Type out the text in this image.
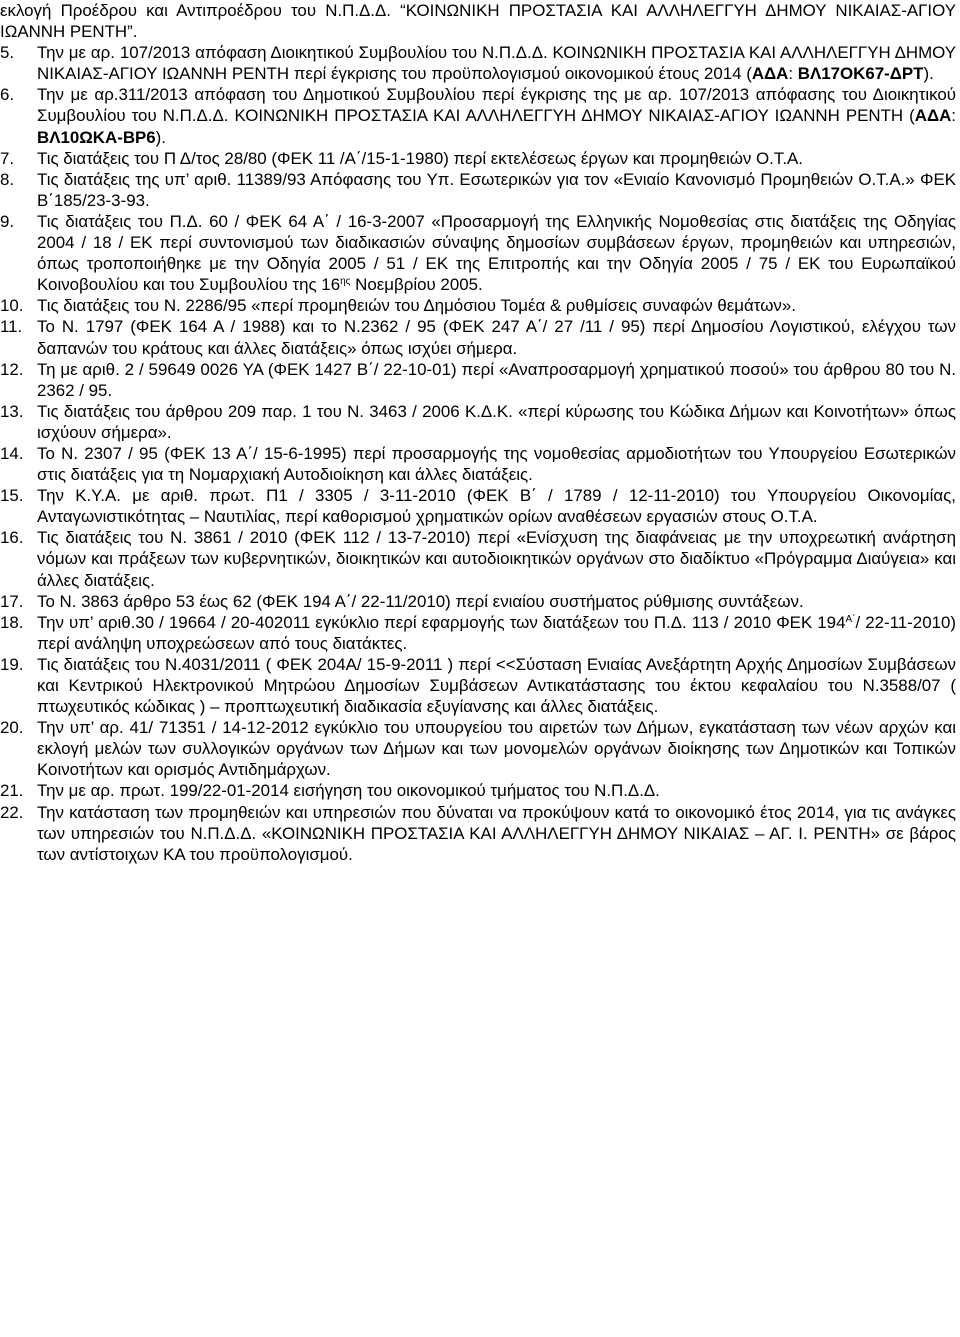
εκλογή Προέδρου και Αντιπροέδρου του Ν.Π.Δ.Δ. “ΚΟΙΝΩΝΙΚΗ ΠΡΟΣΤΑΣΙΑ ΚΑΙ ΑΛΛΗΛΕΓΓΥΗ ΔΗΜΟΥ ΝΙΚΑΙΑΣ-ΑΓΙΟΥ ΙΩΑΝΝΗ ΡΕΝΤΗ”.
5. Την με αρ. 107/2013 απόφαση Διοικητικού Συμβουλίου του Ν.Π.Δ.Δ. ΚΟΙΝΩΝΙΚΗ ΠΡΟΣΤΑΣΙΑ ΚΑΙ ΑΛΛΗΛΕΓΓΥΗ ΔΗΜΟΥ ΝΙΚΑΙΑΣ-ΑΓΙΟΥ ΙΩΑΝΝΗ ΡΕΝΤΗ περί έγκρισης του προϋπολογισμού οικονομικού έτους 2014 (ΑΔΑ: ΒΛ17ΟΚ67-ΔΡΤ).
6. Την με αρ.311/2013 απόφαση του Δημοτικού Συμβουλίου περί έγκρισης της με αρ. 107/2013 απόφασης του Διοικητικού Συμβουλίου του Ν.Π.Δ.Δ. ΚΟΙΝΩΝΙΚΗ ΠΡΟΣΤΑΣΙΑ ΚΑΙ ΑΛΛΗΛΕΓΓΥΗ ΔΗΜΟΥ ΝΙΚΑΙΑΣ-ΑΓΙΟΥ ΙΩΑΝΝΗ ΡΕΝΤΗ (ΑΔΑ: ΒΛ10ΩΚΑ-ΒΡ6).
7. Τις διατάξεις του Π Δ/τος 28/80 (ΦΕΚ 11 /Α΄/15-1-1980) περί εκτελέσεως έργων και προμηθειών Ο.Τ.Α.
8. Τις διατάξεις της υπ’ αριθ. 11389/93 Απόφασης του Υπ. Εσωτερικών για τον «Ενιαίο Κανονισμό Προμηθειών Ο.Τ.Α.» ΦΕΚ Β΄185/23-3-93.
9. Τις διατάξεις του Π.Δ. 60 / ΦΕΚ 64 Α΄ / 16-3-2007 «Προσαρμογή της Ελληνικής Νομοθεσίας στις διατάξεις της Οδηγίας 2004 / 18 / ΕΚ περί συντονισμού των διαδικασιών σύναψης δημοσίων συμβάσεων έργων, προμηθειών και υπηρεσιών, όπως τροποποιήθηκε με την Οδηγία 2005 / 51 / ΕΚ της Επιτροπής και την Οδηγία 2005 / 75 / ΕΚ του Ευρωπαϊκού Κοινοβουλίου και του Συμβουλίου της $16^{\eta\varsigma}$ Νοεμβρίου 2005.
10. Τις διατάξεις του Ν. 2286/95 «περί προμηθειών του Δημόσιου Τομέα & ρυθμίσεις συναφών θεμάτων».
11. Το Ν. 1797 (ΦΕΚ 164 Α / 1988) και το Ν.2362 / 95 (ΦΕΚ 247 Α΄/ 27 /11 / 95) περί Δημοσίου Λογιστικού, ελέγχου των δαπανών του κράτους και άλλες διατάξεις» όπως ισχύει σήμερα.
12. Τη με αριθ. 2 / 59649 0026 ΥΑ (ΦΕΚ 1427 Β΄/ 22-10-01) περί «Αναπροσαρμογή χρηματικού ποσού» του άρθρου 80 του Ν. 2362 / 95.
13. Τις διατάξεις του άρθρου 209 παρ. 1 του Ν. 3463 / 2006 Κ.Δ.Κ. «περί κύρωσης του Κώδικα Δήμων και Κοινοτήτων» όπως ισχύουν σήμερα».
14. Το Ν. 2307 / 95 (ΦΕΚ 13 Α΄/ 15-6-1995) περί προσαρμογής της νομοθεσίας αρμοδιοτήτων του Υπουργείου Εσωτερικών στις διατάξεις για τη Νομαρχιακή Αυτοδιοίκηση και άλλες διατάξεις.
15. Την Κ.Υ.Α. με αριθ. πρωτ. Π1 / 3305 / 3-11-2010 (ΦΕΚ Β΄ / 1789 / 12-11-2010) του Υπουργείου Οικονομίας, Ανταγωνιστικότητας – Ναυτιλίας, περί καθορισμού χρηματικών ορίων αναθέσεων εργασιών στους Ο.Τ.Α.
16. Τις διατάξεις του Ν. 3861 / 2010 (ΦΕΚ 112 / 13-7-2010) περί «Ενίσχυση της διαφάνειας με την υποχρεωτική ανάρτηση νόμων και πράξεων των κυβερνητικών, διοικητικών και αυτοδιοικητικών οργάνων στο διαδίκτυο «Πρόγραμμα Διαύγεια» και άλλες διατάξεις.
17. Το Ν. 3863 άρθρο 53 έως 62 (ΦΕΚ 194 Α΄/ 22-11/2010) περί ενιαίου συστήματος ρύθμισης συντάξεων.
18. Την υπ’ αριθ.30 / 19664 / 20-402011 εγκύκλιο περί εφαρμογής των διατάξεων του Π.Δ. 113 / 2010 ΦΕΚ $194^{A΄}/$ 22-11-2010) περί ανάληψη υποχρεώσεων από τους διατάκτες.
19. Τις διατάξεις του Ν.4031/2011 ( ΦΕΚ 204Α/ 15-9-2011 ) περί <<Σύσταση Ενιαίας Ανεξάρτητη Αρχής Δημοσίων Συμβάσεων και Κεντρικού Ηλεκτρονικού Μητρώου Δημοσίων Συμβάσεων Αντικατάστασης του έκτου κεφαλαίου του Ν.3588/07 ( πτωχευτικός κώδικας ) – προπτωχευτική διαδικασία εξυγίανσης και άλλες διατάξεις.
20. Την υπ’ αρ. 41/ 71351 / 14-12-2012 εγκύκλιο του υπουργείου του αιρετών των Δήμων, εγκατάσταση των νέων αρχών και εκλογή μελών των συλλογικών οργάνων των Δήμων και των μονομελών οργάνων διοίκησης των Δημοτικών και Τοπικών Κοινοτήτων και ορισμός Αντιδημάρχων.
21. Την με αρ. πρωτ. 199/22-01-2014 εισήγηση του οικονομικού τμήματος του Ν.Π.Δ.Δ.
22. Την κατάσταση των προμηθειών και υπηρεσιών που δύναται να προκύψουν κατά το οικονομικό έτος 2014, για τις ανάγκες των υπηρεσιών του Ν.Π.Δ.Δ. «ΚΟΙΝΩΝΙΚΗ ΠΡΟΣΤΑΣΙΑ ΚΑΙ ΑΛΛΗΛΕΓΓΥΗ ΔΗΜΟΥ ΝΙΚΑΙΑΣ – ΑΓ. Ι. ΡΕΝΤΗ» σε βάρος των αντίστοιχων ΚΑ του προϋπολογισμού.
